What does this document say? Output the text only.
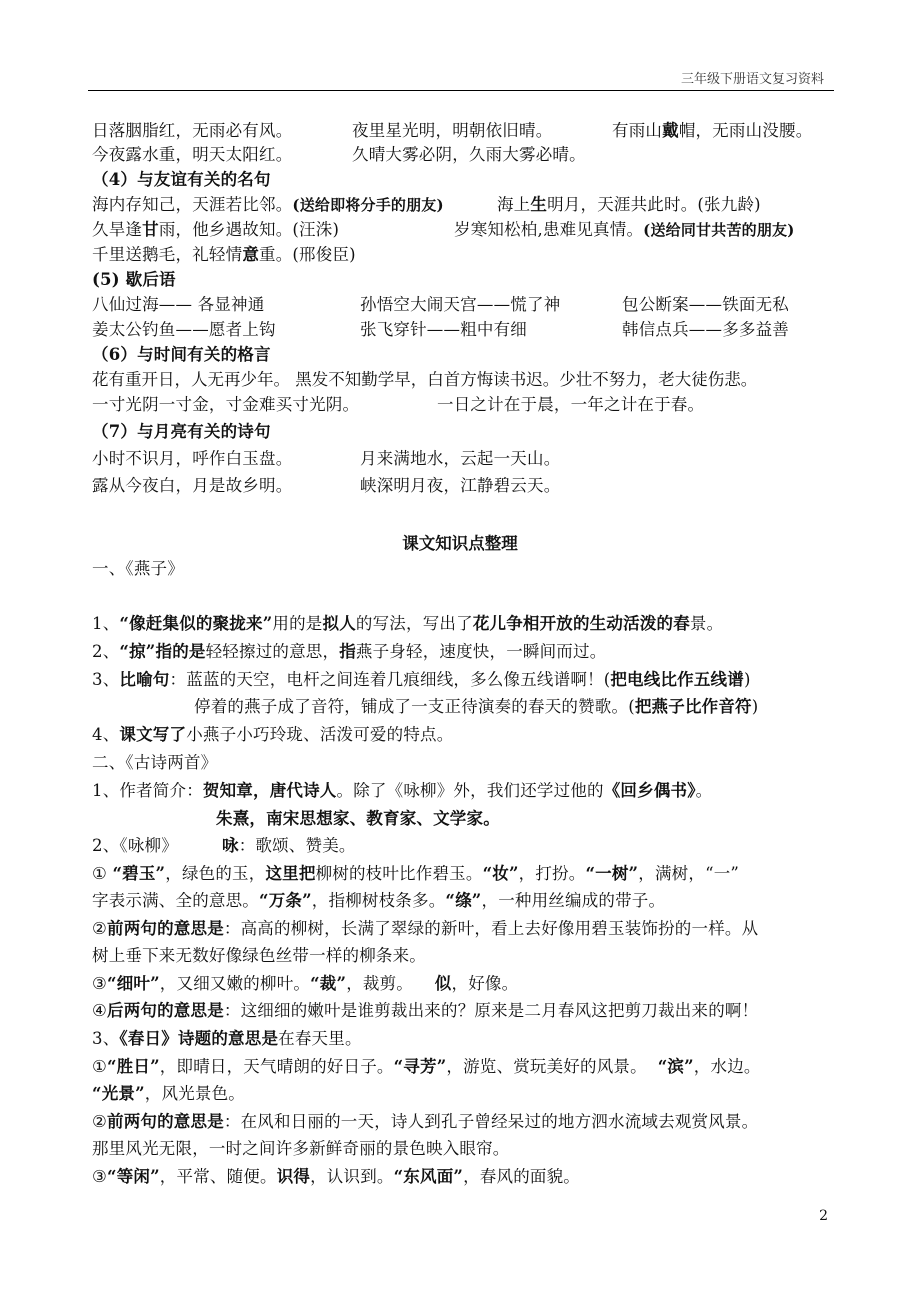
三年级下册语文复习资料
日落胭脂红，无雨必有风。	夜里星光明，明朝依旧晴。	有雨山戴帽，无雨山没腰。
今夜露水重，明天太阳红。	久晴大雾必阴，久雨大雾必晴。
（4）与友谊有关的名句
海内存知己，天涯若比邻。(送给即将分手的朋友)	海上生明月，天涯共此时。(张九龄)
久旱逢甘雨，他乡遇故知。(汪洙)	岁寒知松柏,患难见真情。(送给同甘共苦的朋友)
千里送鹅毛，礼轻情意重。(邢俊臣)
(5) 歇后语
八仙过海—— 各显神通	孙悟空大闹天宫——慌了神	包公断案——铁面无私
姜太公钓鱼——愿者上钩	张飞穿针——粗中有细	韩信点兵——多多益善
（6）与时间有关的格言
花有重开日，人无再少年。 黑发不知勤学早，白首方悔读书迟。少壮不努力，老大徒伤悲。
一寸光阴一寸金，寸金难买寸光阴。	一日之计在于晨，一年之计在于春。
（7）与月亮有关的诗句
小时不识月，呼作白玉盘。	月来满地水，云起一天山。
露从今夜白，月是故乡明。	峡深明月夜，江静碧云天。
课文知识点整理
一、《燕子》
1、“像赶集似的聚拢来”用的是拟人的写法，写出了花儿争相开放的生动活泼的春景。
2、“掠”指的是轻轻擦过的意思，指燕子身轻，速度快，一瞬间而过。
3、比喻句：蓝蓝的天空，电杆之间连着几痕细线，多么像五线谱啊！(把电线比作五线谱)
停着的燕子成了音符，铺成了一支正待演奏的春天的赞歌。(把燕子比作音符)
4、课文写了小燕子小巧玲珑、活泼可爱的特点。
二、《古诗两首》
1、作者简介：贺知章，唐代诗人。除了《咏柳》外，我们还学过他的《回乡偶书》。
朱熹，南宋思想家、教育家、文学家。
2、《咏柳》	咏：歌颂、赞美。
① “碧玉”，绿色的玉，这里把柳树的枝叶比作碧玉。“妆”，打扮。“一树”，满树，“一”
字表示满、全的意思。“万条”，指柳树枝条多。“绦”，一种用丝编成的带子。
②前两句的意思是：高高的柳树，长满了翠绿的新叶，看上去好像用碧玉装饰扮的一样。从
树上垂下来无数好像绿色丝带一样的柳条来。
③“细叶”，又细又嫩的柳叶。“裁”，裁剪。 似，好像。
④后两句的意思是：这细细的嫩叶是谁剪裁出来的？原来是二月春风这把剪刀裁出来的啊！
3、《春日》诗题的意思是在春天里。
①“胜日”，即晴日，天气晴朗的好日子。“寻芳”，游览、赏玩美好的风景。 “滨”，水边。
“光景”，风光景色。
②前两句的意思是：在风和日丽的一天，诗人到孔子曾经呆过的地方泗水流域去观赏风景。
那里风光无限，一时之间许多新鲜奇丽的景色映入眼帘。
③“等闲”，平常、随便。识得，认识到。“东风面”，春风的面貌。
2
